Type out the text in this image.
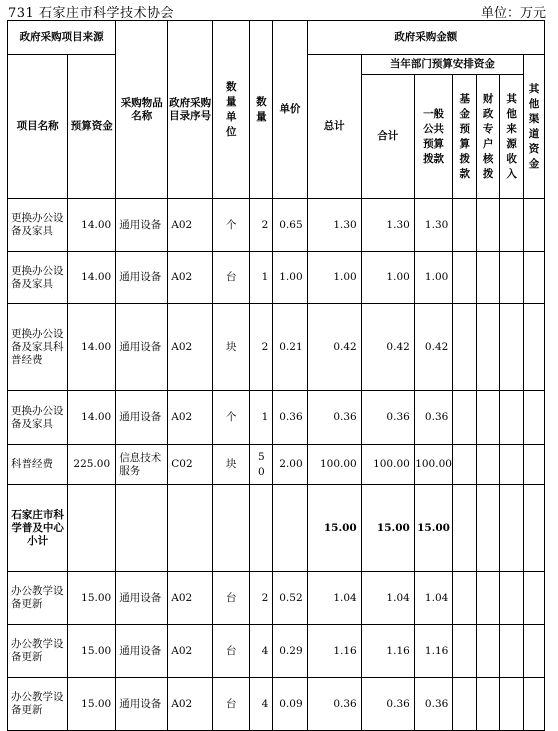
731 石家庄市科学技术协会	单位：万元
政府采购项目来源		采购物品名称	政府采购目录序号	数量单位	数量	单价	政府采购金额						
项目名称	预算资金						总计	当年部门预算安排资金					其他渠道资金
								合计	一般公共预算拨款	基金预算拨款	财政专户核拨	其他来源收入	
更换办公设备及家具	14.00	通用设备	A02	个	2	0.65	1.30	1.30	1.30				
更换办公设备及家具	14.00	通用设备	A02	台	1	1.00	1.00	1.00	1.00				
更换办公设备及家具科普经费	14.00	通用设备	A02	块	2	0.21	0.42	0.42	0.42				
更换办公设备及家具	14.00	通用设备	A02	个	1	0.36	0.36	0.36	0.36				
科普经费	225.00	信息技术服务	C02	块	50	2.00	100.00	100.00	100.00				
石家庄市科学普及中心 小计							15.00	15.00	15.00				
办公教学设备更新	15.00	通用设备	A02	台	2	0.52	1.04	1.04	1.04				
办公教学设备更新	15.00	通用设备	A02	台	4	0.29	1.16	1.16	1.16				
办公教学设备更新	15.00	通用设备	A02	台	4	0.09	0.36	0.36	0.36				
